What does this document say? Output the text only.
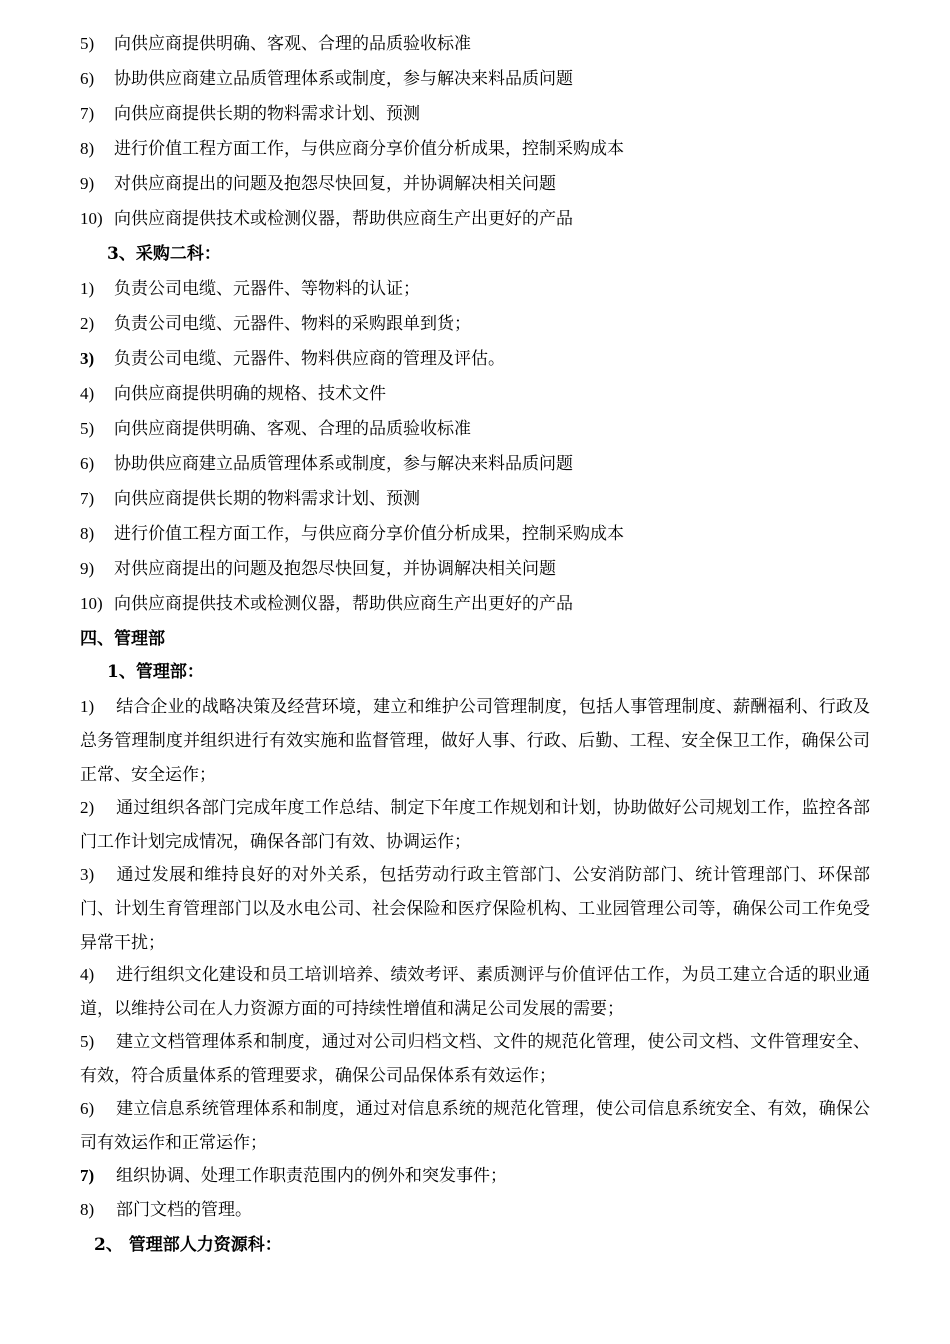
5) 向供应商提供明确、客观、合理的品质验收标准
6) 协助供应商建立品质管理体系或制度，参与解决来料品质问题
7) 向供应商提供长期的物料需求计划、预测
8) 进行价值工程方面工作，与供应商分享价值分析成果，控制采购成本
9) 对供应商提出的问题及抱怨尽快回复，并协调解决相关问题
10) 向供应商提供技术或检测仪器，帮助供应商生产出更好的产品
3、采购二科：
1) 负责公司电缆、元器件、等物料的认证；
2) 负责公司电缆、元器件、物料的采购跟单到货；
3) 负责公司电缆、元器件、物料供应商的管理及评估。
4) 向供应商提供明确的规格、技术文件
5) 向供应商提供明确、客观、合理的品质验收标准
6) 协助供应商建立品质管理体系或制度，参与解决来料品质问题
7) 向供应商提供长期的物料需求计划、预测
8) 进行价值工程方面工作，与供应商分享价值分析成果，控制采购成本
9) 对供应商提出的问题及抱怨尽快回复，并协调解决相关问题
10) 向供应商提供技术或检测仪器，帮助供应商生产出更好的产品
四、管理部
1、管理部：
1) 结合企业的战略决策及经营环境，建立和维护公司管理制度，包括人事管理制度、薪酬福利、行政及总务管理制度并组织进行有效实施和监督管理，做好人事、行政、后勤、工程、安全保卫工作，确保公司正常、安全运作；
2) 通过组织各部门完成年度工作总结、制定下年度工作规划和计划，协助做好公司规划工作，监控各部门工作计划完成情况，确保各部门有效、协调运作；
3) 通过发展和维持良好的对外关系，包括劳动行政主管部门、公安消防部门、统计管理部门、环保部门、计划生育管理部门以及水电公司、社会保险和医疗保险机构、工业园管理公司等，确保公司工作免受异常干扰；
4) 进行组织文化建设和员工培训培养、绩效考评、素质测评与价值评估工作，为员工建立合适的职业通道，以维持公司在人力资源方面的可持续性增值和满足公司发展的需要；
5) 建立文档管理体系和制度，通过对公司归档文档、文件的规范化管理，使公司文档、文件管理安全、有效，符合质量体系的管理要求，确保公司品保体系有效运作；
6) 建立信息系统管理体系和制度，通过对信息系统的规范化管理，使公司信息系统安全、有效，确保公司有效运作和正常运作；
7) 组织协调、处理工作职责范围内的例外和突发事件；
8) 部门文档的管理。
2、 管理部人力资源科：
